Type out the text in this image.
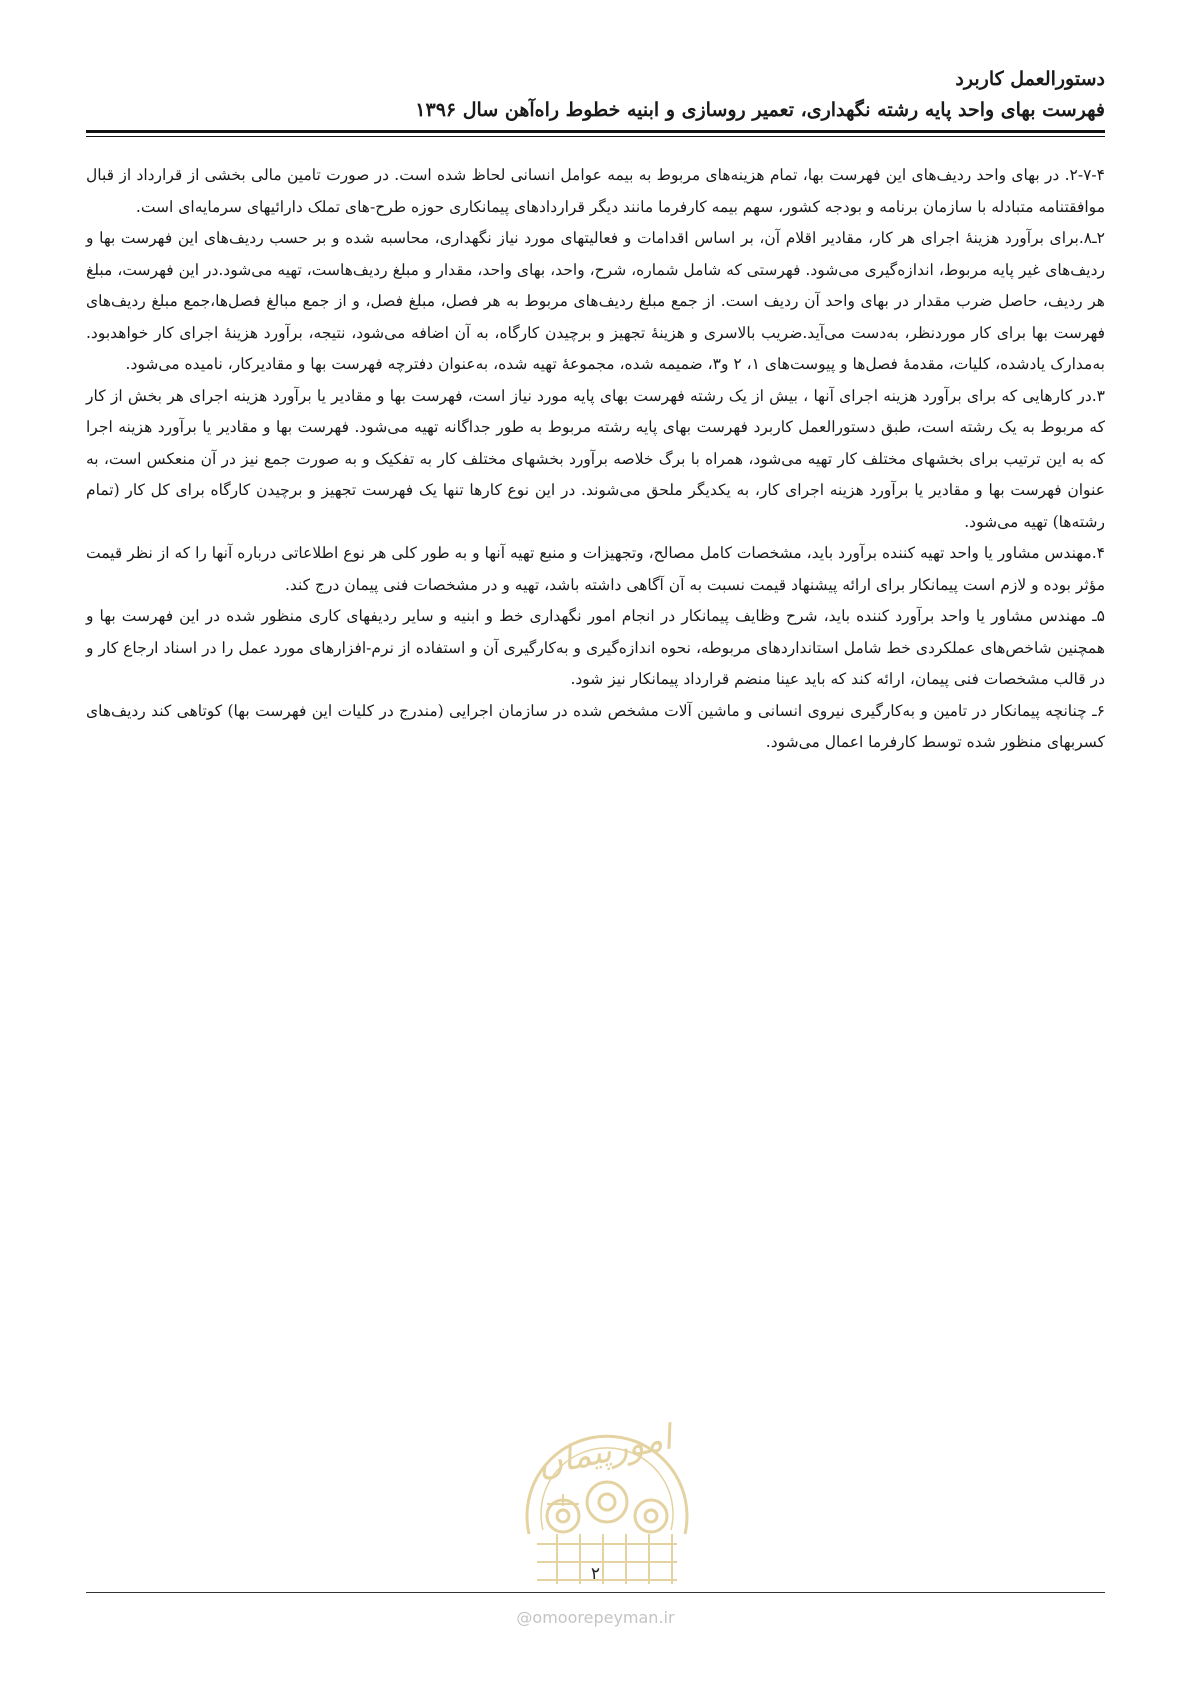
دستورالعمل کاربرد
فهرست بهای واحد پایه رشته نگهداری، تعمیر روسازی و ابنیه خطوط راه‌آهن سال ۱۳۹۶

۲-۷-۴. در بهای واحد ردیف‌های این فهرست بها، تمام هزینه‌های مربوط به بیمه عوامل انسانی لحاظ شده است. در صورت تامین مالی بخشی از قرارداد از قبال موافقتنامه متبادله با سازمان برنامه و بودجه کشور، سهم بیمه کارفرما مانند دیگر قراردادهای پیمانکاری حوزه طرح-های تملک دارائیهای سرمایه‌ای است.

۲ـ۸.برای برآورد هزینهٔ اجرای هر کار، مقادیر اقلام آن، بر اساس اقدامات و فعالیتهای مورد نیاز نگهداری، محاسبه شده و بر حسب ردیف‌های این فهرست بها و ردیف‌های غیر پایه مربوط، اندازه‌گیری می‌شود. فهرستی که شامل شماره، شرح، واحد، بهای واحد، مقدار و مبلغ ردیف‌هاست، تهیه می‌شود.در این فهرست، مبلغ هر ردیف، حاصل ضرب مقدار در بهای واحد آن ردیف است. از جمع مبلغ ردیف‌های مربوط به هر فصل، مبلغ فصل، و از جمع مبالغ فصل‌ها،جمع مبلغ ردیف‌های فهرست بها برای کار موردنظر، به‌دست می‌آید.ضریب بالاسری و هزینهٔ تجهیز و برچیدن کارگاه، به آن اضافه می‌شود، نتیجه، برآورد هزینهٔ اجرای کار خواهدبود. به‌مدارک یادشده، کلیات، مقدمهٔ فصل‌ها و پیوست‌های ۱، ۲ و۳، ضمیمه شده، مجموعهٔ تهیه شده، به‌عنوان دفترچه فهرست بها و مقادیرکار، نامیده می‌شود.

۳.در کارهایی که برای برآورد هزینه اجرای آنها ، بیش از یک رشته فهرست بهای پایه مورد نیاز است، فهرست بها و مقادیر یا برآورد هزینه اجرای هر بخش از کار که مربوط به یک رشته است، طبق دستورالعمل کاربرد فهرست بهای پایه رشته مربوط به طور جداگانه تهیه می‌شود. فهرست بها و مقادیر یا برآورد هزینه اجرا که به این ترتیب برای بخشهای مختلف کار تهیه می‌شود، همراه با برگ خلاصه برآورد بخشهای مختلف کار به تفکیک و به صورت جمع نیز در آن منعکس است، به عنوان فهرست بها و مقادیر یا برآورد هزینه اجرای کار، به یکدیگر ملحق می‌شوند. در این نوع کارها تنها یک فهرست تجهیز و برچیدن کارگاه برای کل کار (تمام رشته‌ها) تهیه می‌شود.

۴.مهندس مشاور یا واحد تهیه کننده برآورد باید، مشخصات کامل مصالح، وتجهیزات و منبع تهیه آنها و به طور کلی هر نوع اطلاعاتی درباره آنها را که از نظر قیمت مؤثر بوده و لازم است پیمانکار برای ارائه پیشنهاد قیمت نسبت به آن آگاهی داشته باشد، تهیه و در مشخصات فنی پیمان درج کند.

۵ـ مهندس مشاور یا واحد برآورد کننده باید، شرح وظایف پیمانکار در انجام امور نگهداری خط و ابنیه و سایر ردیفهای کاری منظور شده در این فهرست بها و همچنین شاخص‌های عملکردی خط شامل استانداردهای مربوطه، نحوه اندازه‌گیری و به‌کارگیری آن و استفاده از نرم-افزارهای مورد عمل را در اسناد ارجاع کار و در قالب مشخصات فنی پیمان، ارائه کند که باید عینا منضم قرارداد پیمانکار نیز شود.

۶ـ چنانچه پیمانکار در تامین و به‌کارگیری نیروی انسانی و ماشین آلات مشخص شده در سازمان اجرایی (مندرج در کلیات این فهرست بها) کوتاهی کند ردیف‌های کسربهای منظور شده توسط کارفرما اعمال می‌شود.

امورپیمان
۲
@omoorepeyman.ir
